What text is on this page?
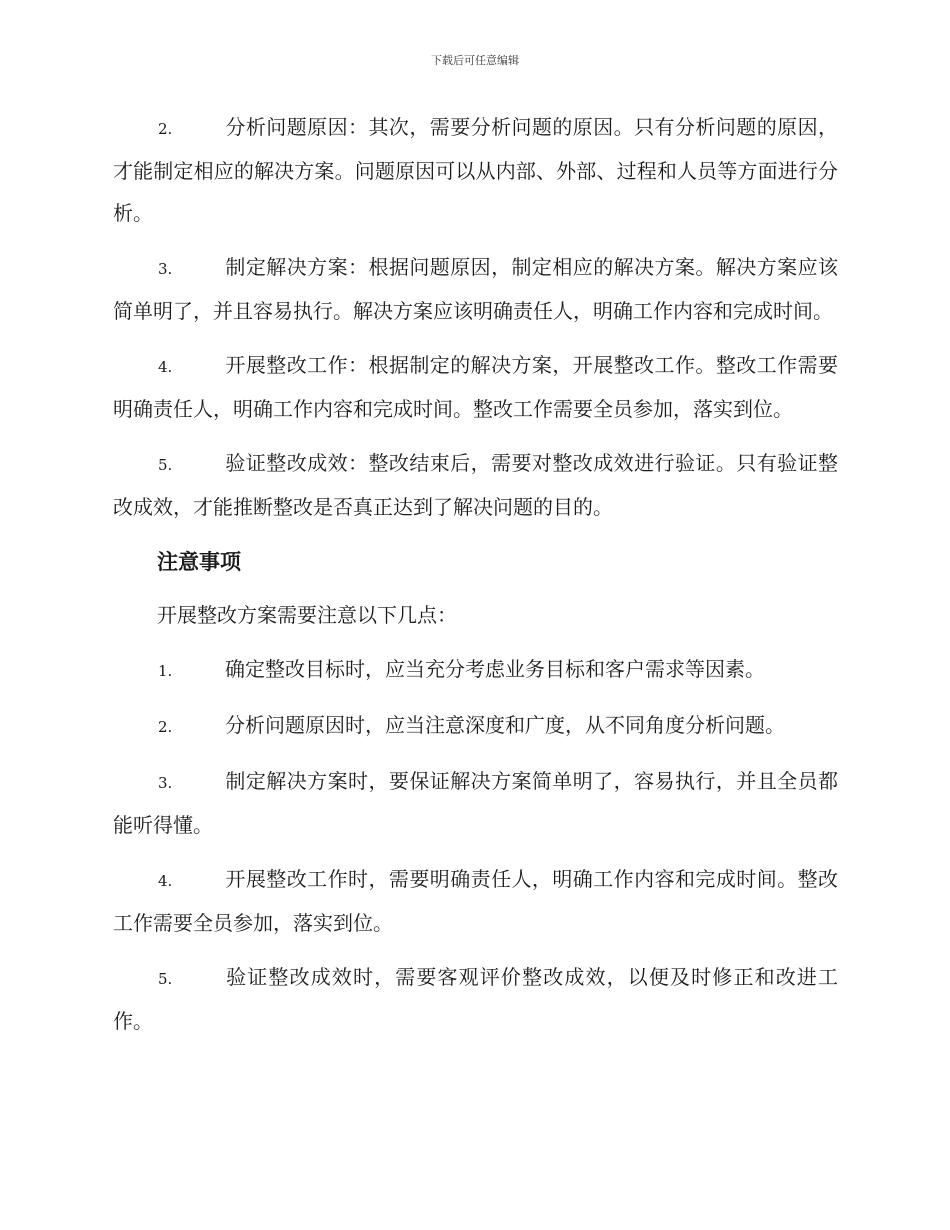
下载后可任意编辑

2.	分析问题原因：其次，需要分析问题的原因。只有分析问题的原因，才能制定相应的解决方案。问题原因可以从内部、外部、过程和人员等方面进行分析。

3.	制定解决方案：根据问题原因，制定相应的解决方案。解决方案应该简单明了，并且容易执行。解决方案应该明确责任人，明确工作内容和完成时间。

4.	开展整改工作：根据制定的解决方案，开展整改工作。整改工作需要明确责任人，明确工作内容和完成时间。整改工作需要全员参加，落实到位。

5.	验证整改成效：整改结束后，需要对整改成效进行验证。只有验证整改成效，才能推断整改是否真正达到了解决问题的目的。

注意事项

开展整改方案需要注意以下几点：

1.	确定整改目标时，应当充分考虑业务目标和客户需求等因素。

2.	分析问题原因时，应当注意深度和广度，从不同角度分析问题。

3.	制定解决方案时，要保证解决方案简单明了，容易执行，并且全员都能听得懂。

4.	开展整改工作时，需要明确责任人，明确工作内容和完成时间。整改工作需要全员参加，落实到位。

5.	验证整改成效时，需要客观评价整改成效，以便及时修正和改进工作。
